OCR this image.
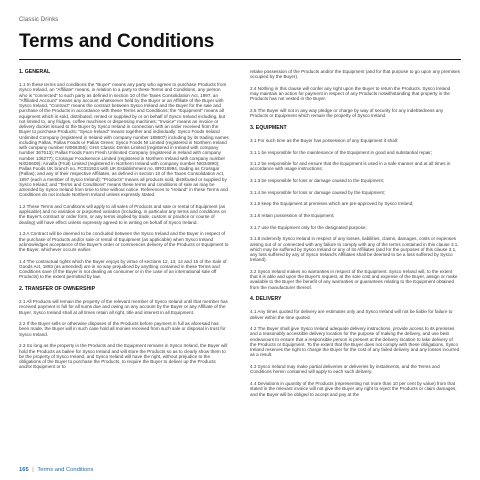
Classic Drinks
Terms and Conditions
1. GENERAL

1.1 In these terms and conditions the "Buyer" means any party who agrees to purchase Products from Sysco Ireland, an "Affiliate" means, in relation to a party to these Terms and Conditions, any person who is "connected" to such party as defined in section 10 of the Taxes Consolidation Act, 1997, an "Affiliated Account" means any account whatsoever held by the Buyer or an Affiliate of the Buyer with Sysco Ireland, "Contract" means the contract between Sysco Ireland and the Buyer for the sale and purchase of the Products in accordance with these Terms and Conditions; the "Equipment" means all equipment which is sold, distributed, rented or supplied by or on behalf of Sysco Ireland including, but not limited to, any fridges, coffee machines or dispensing machines; "Invoice" means an invoice or delivery docket issued to the Buyer by Sysco Ireland in connection with an order received from the Buyer to purchase Products; "Sysco Ireland" means together and individually: Sysco Foods Ireland Unlimited Company (registered in Ireland with company number 188607) including by its trading names including Pallas, Pallas Foods or Pallas Green; Sysco Foods NI Limited (registered in Northern Ireland with company number NI066356); GHS Classic Drinks Limited (registered in Ireland with company number 367513); Pallas Foods Farm Fresh Unlimited Company (registered in Ireland with company number 136277); Crossgar Foodservice Limited (registered in Northern Ireland with company number NI025609); Amalfa (Fruit) Limited (registered in Northern Ireland with company number NI034890); Pallas Foods UK branch no. FC031924 with UK Establishment no. BR016994, trading as Crossgar (Pallas); and any of their respective Affiliates, as defined in section 10 of the Taxes Consolidation Act, 1997 (each a member of Sysco Ireland); "Products" means all products sold, distributed or supplied by Sysco Ireland; and "Terms and Conditions" means these terms and conditions of sale as may be amended by Sysco Ireland from time to time without notice. References to "Ireland" in these Terms and Conditions do not include Northern Ireland unless expressly stated.

1.2 These Terms and Conditions will apply to all sales of Products and sale or rental of Equipment (as applicable) and no variation or purported variation (including, in particular any terms and conditions on the Buyer's contract or order form, or any terms implied by trade, custom or practice or course of dealing) will have effect unless expressly agreed to in writing on behalf of Sysco Ireland.

1.3 A Contract will be deemed to be concluded between the Sysco Ireland and the Buyer in respect of the purchase of Products and/or sale or rental of Equipment (as applicable) when Sysco Ireland acknowledges acceptance of the Buyer's order or commences delivery of the Products or Equipment to the Buyer, whichever occurs earlier.

1.4 The contractual rights which the Buyer enjoys by virtue of sections 12, 13, 14 and 15 of the Sale of Goods Act, 1893 (as amended) are in no way prejudiced by anything contained in these Terms and Conditions save (if the Buyer is not dealing as consumer or in the case of an international sale off Products) to the extent permitted by law.

2. TRANSFER OF OWNERSHIP

2.1 All Products will remain the property of the relevant member of Sysco Ireland until that member has received payment in full for all sums due and owing on any account by the Buyer or any Affiliate of the Buyer. Sysco Ireland shall at all times retain all right, title and interest in all Equipment.

2.2 If the Buyer sells or otherwise disposes of the Products before payment in full as aforesaid has been made, the Buyer will in such case hold all monies received from such sale or disposal in trust for Sysco Ireland.

2.3 So long as the property in the Products and the Equipment remains in Sysco Ireland, the Buyer will hold the Products as bailee for Sysco Ireland and will store the Products so as to clearly show them to be the property of Sysco Ireland, and Sysco Ireland will have the right, without prejudice to the obligations of the Buyer to purchase the Products, to require the Buyer to deliver up the Products and/or Equipment or to

retake possession of the Products and/or the Equipment (and for that purpose to go upon any premises occupied by the Buyer).

2.4 Nothing in this clause will confer any right upon the Buyer to return the Products. Sysco Ireland may maintain an action for payment in respect of any Products notwithstanding that property in the Products has not vested in the Buyer.

2.5 The Buyer will not in any way pledge or charge by way of security for any indebtedness any Products or Equipment which remain the property of Sysco Ireland.

3. EQUIPMENT

3.1 For such time as the Buyer has possession of any Equipment it shall:

3.1.1 be responsible for the maintenance of the Equipment in good and substantial repair;

3.1.2 be responsible for and ensure that the Equipment is used in a safe manner and at all times in accordance with usage instructions;

3.1.3 be responsible for loss or damage caused to the Equipment;

3.1.4 be responsible for loss or damage caused by the Equipment;

3.1.5 keep the Equipment at premises which are pre-approved by Sysco Ireland;

3.1.6 retain possession of the Equipment;

3.1.7 use the Equipment only for the designated purpose;

3.1.8 indemnify Sysco Ireland in respect of any losses, liabilities, claims, damages, costs or expenses arising out of or connected with any failure to comply with any of the terms contained in this clause 3.1, which may be suffered by Sysco Ireland or any of its Affiliates (and for the purposes of this clause 3.1, any loss suffered by any of Sysco Ireland's Affiliates shall be deemed to be a loss suffered by Sysco Ireland).

3.2 Sysco Ireland makes no warranties in respect of the Equipment. Sysco Ireland will, to the extent that it is able and upon the Buyer's request, at the sole cost and expense of the Buyer, assign or make available to the Buyer the benefit of any warranties or guarantees relating to the Equipment obtained from the manufacturer thereof.

4. DELIVERY

4.1 Any times quoted for delivery are estimates only and Sysco Ireland will not be liable for failure to deliver within the time quoted.

4.2 The Buyer shall give Sysco Ireland adequate delivery instructions, provide access to its premises and a reasonably accessible delivery location for the purpose of making the delivery, and use best endeavours to ensure that a responsible person is present at the delivery location to take delivery of the Products or Equipment. To the extent that the Buyer does not comply with these obligations, Sysco Ireland reserves the right to charge the Buyer for the cost of any failed delivery and any losses incurred as a result.

4.3 Sysco Ireland may make partial deliveries or deliveries by instalments, and the Terms and Conditions herein contained will apply to each such delivery.

4.4 Deviations in quantity of the Products (representing not more than 10 per cent by value) from that stated in the relevant invoice will not give the Buyer any right to reject the Products or claim damages, and the Buyer will be obliged to accept and pay at the

165 | Terms and Conditions
